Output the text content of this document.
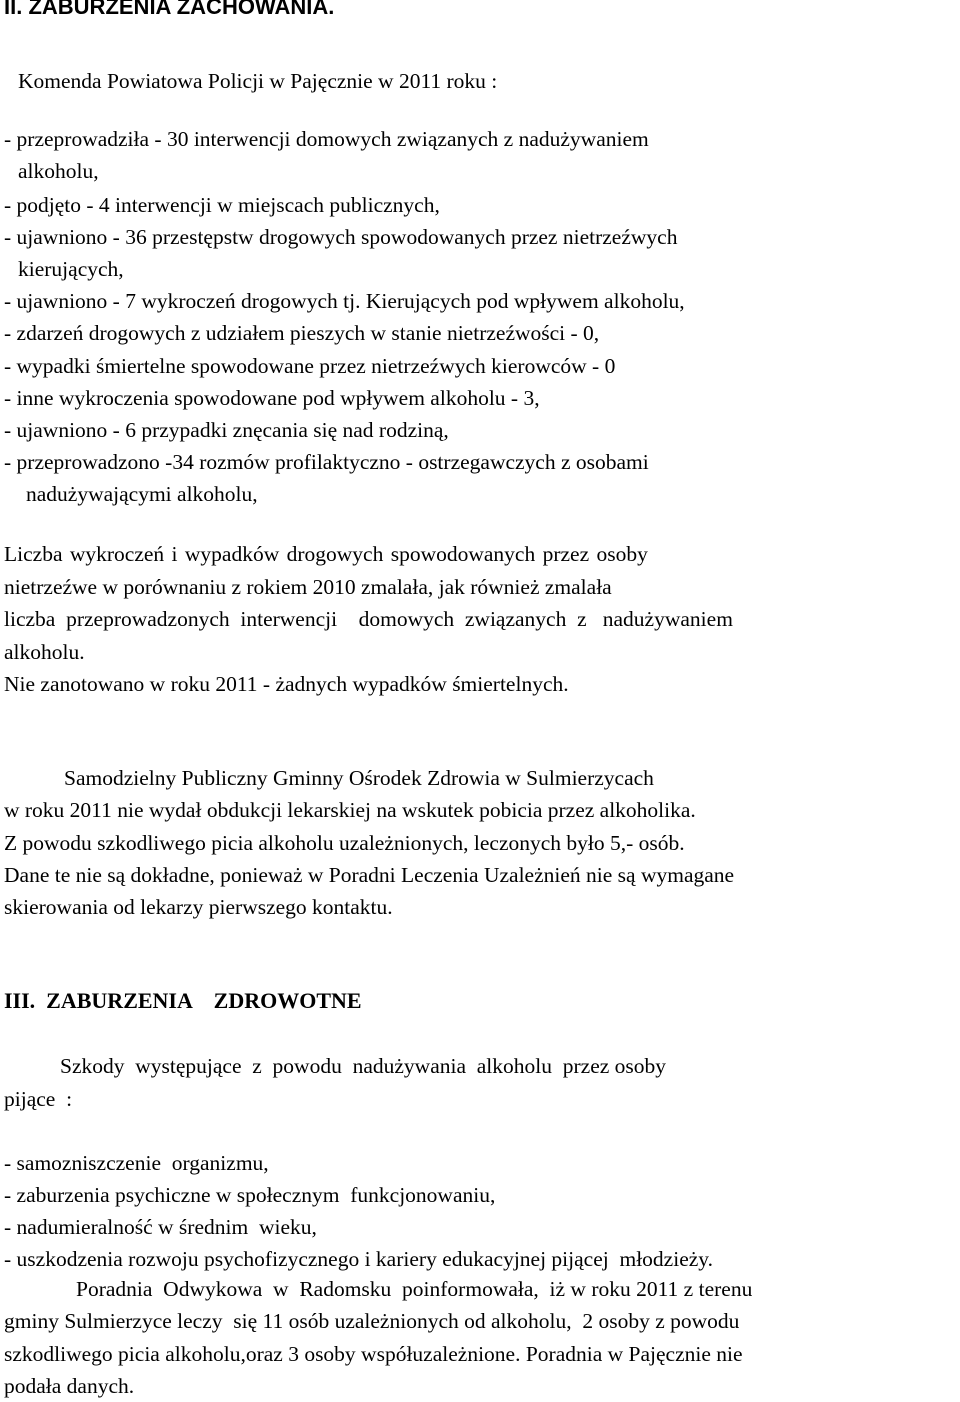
II. ZABURZENIA ZACHOWANIA.
Komenda Powiatowa Policji w Pajęcznie w 2011 roku :
- przeprowadziła - 30 interwencji domowych związanych z nadużywaniem
alkoholu,
- podjęto - 4 interwencji w miejscach publicznych,
- ujawniono - 36 przestępstw drogowych spowodowanych przez nietrzeźwych
kierujących,
- ujawniono - 7 wykroczeń drogowych tj. Kierujących pod wpływem alkoholu,
- zdarzeń drogowych z udziałem pieszych w stanie nietrzeźwości - 0,
- wypadki śmiertelne spowodowane przez nietrzeźwych kierowców - 0
- inne wykroczenia spowodowane pod wpływem alkoholu - 3,
- ujawniono - 6 przypadki znęcania się nad rodziną,
- przeprowadzono -34 rozmów profilaktyczno - ostrzegawczych z osobami
nadużywającymi alkoholu,
Liczba wykroczeń i wypadków drogowych spowodowanych przez osoby
nietrzeźwe w porównaniu z rokiem 2010 zmalała, jak również zmalała
liczba  przeprowadzonych  interwencji    domowych  związanych  z   nadużywaniem
alkoholu.
Nie zanotowano w roku 2011 - żadnych wypadków śmiertelnych.
Samodzielny Publiczny Gminny Ośrodek Zdrowia w Sulmierzycach
w roku 2011 nie wydał obdukcji lekarskiej na wskutek pobicia przez alkoholika.
Z powodu szkodliwego picia alkoholu uzależnionych, leczonych było 5,- osób.
Dane te nie są dokładne, ponieważ w Poradni Leczenia Uzależnień nie są wymagane
skierowania od lekarzy pierwszego kontaktu.
III.  ZABURZENIA    ZDROWOTNE
Szkody  występujące  z  powodu  nadużywania  alkoholu  przez osoby
pijące  :
- samozniszczenie  organizmu,
- zaburzenia psychiczne w społecznym  funkcjonowaniu,
- nadumieralność w średnim  wieku,
- uszkodzenia rozwoju psychofizycznego i kariery edukacyjnej pijącej  młodzieży.
Poradnia  Odwykowa  w  Radomsku  poinformowała,  iż w roku 2011 z terenu
gminy Sulmierzyce leczy  się 11 osób uzależnionych od alkoholu,  2 osoby z powodu
szkodliwego picia alkoholu,oraz 3 osoby współuzależnione. Poradnia w Pajęcznie nie
podała danych.
